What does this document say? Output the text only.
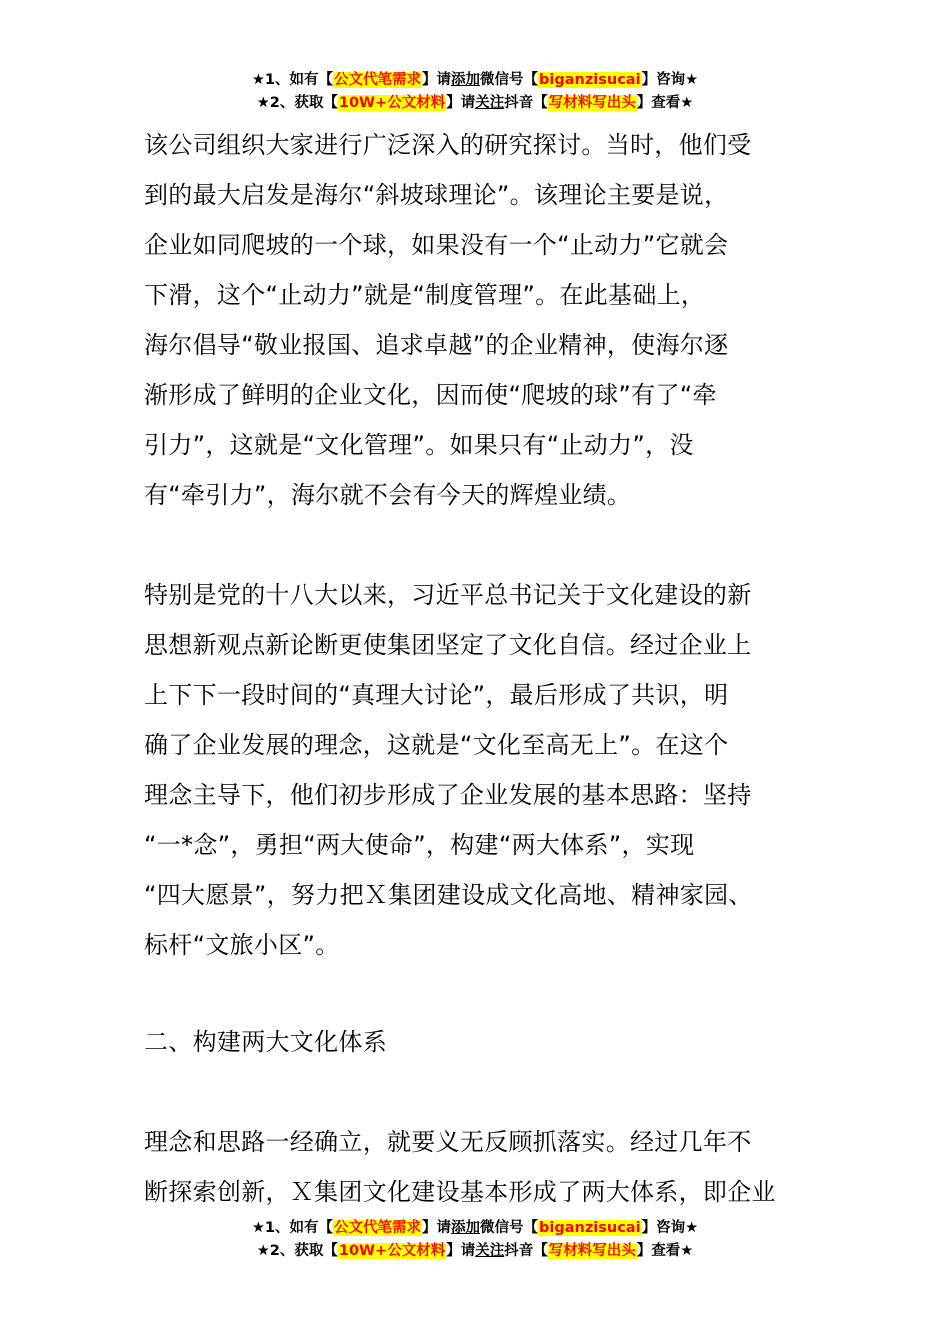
★1、如有【公文代笔需求】请添加微信号【biganzisucai】咨询★
★2、获取【10W+公文材料】请关注抖音【写材料写出头】查看★
该公司组织大家进行广泛深入的研究探讨。当时，他们受
到的最大启发是海尔“斜坡球理论”。该理论主要是说，
企业如同爬坡的一个球，如果没有一个“止动力”它就会
下滑，这个“止动力”就是“制度管理”。在此基础上，
海尔倡导“敬业报国、追求卓越”的企业精神，使海尔逐
渐形成了鲜明的企业文化，因而使“爬坡的球”有了“牵
引力”，这就是“文化管理”。如果只有“止动力”，没
有“牵引力”，海尔就不会有今天的辉煌业绩。
特别是党的十八大以来，习近平总书记关于文化建设的新
思想新观点新论断更使集团坚定了文化自信。经过企业上
上下下一段时间的“真理大讨论”，最后形成了共识，明
确了企业发展的理念，这就是“文化至高无上”。在这个
理念主导下，他们初步形成了企业发展的基本思路：坚持
“一*念”，勇担“两大使命”，构建“两大体系”，实现
“四大愿景”，努力把Ｘ集团建设成文化高地、精神家园、
标杆“文旅小区”。
二、构建两大文化体系
理念和思路一经确立，就要义无反顾抓落实。经过几年不
断探索创新，Ｘ集团文化建设基本形成了两大体系，即企业
★1、如有【公文代笔需求】请添加微信号【biganzisucai】咨询★
★2、获取【10W+公文材料】请关注抖音【写材料写出头】查看★
